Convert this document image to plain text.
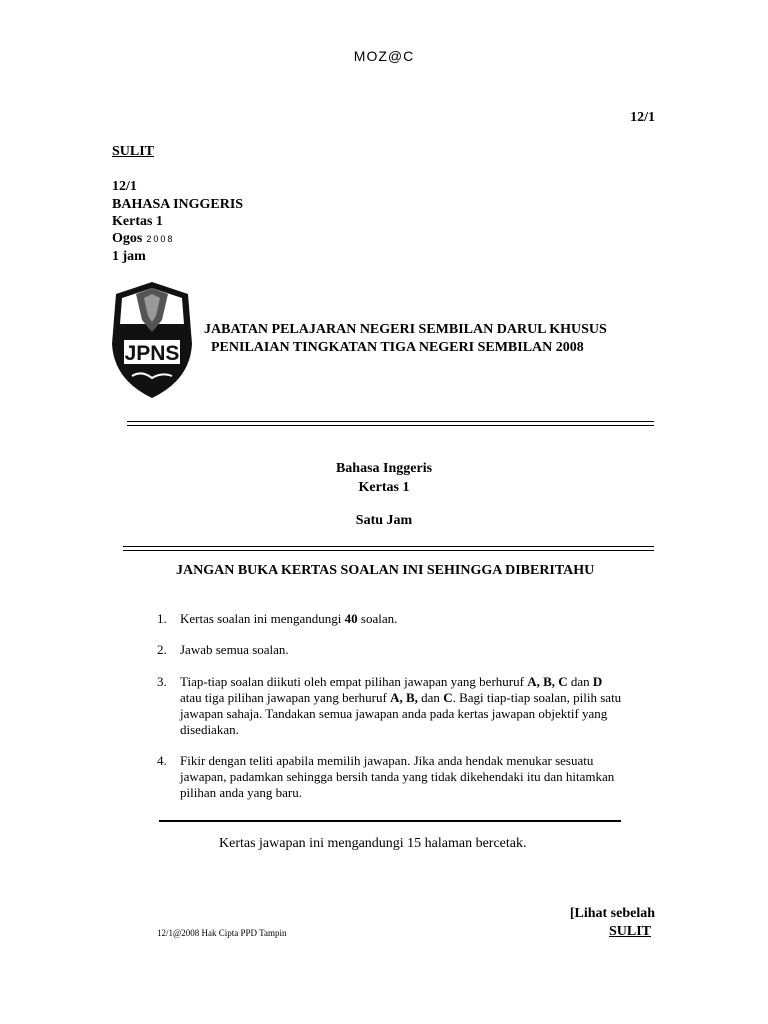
MOZ@C
12/1
SULIT
12/1
BAHASA INGGERIS
Kertas 1
Ogos 2008
1 jam
JPNS
JABATAN PELAJARAN NEGERI SEMBILAN DARUL KHUSUS
PENILAIAN TINGKATAN TIGA NEGERI SEMBILAN 2008
Bahasa Inggeris
Kertas 1
Satu Jam
JANGAN BUKA KERTAS SOALAN INI SEHINGGA DIBERITAHU
1. Kertas soalan ini mengandungi 40 soalan.
2. Jawab semua soalan.
3. Tiap-tiap soalan diikuti oleh empat pilihan jawapan yang berhuruf A, B, C dan D
atau tiga pilihan jawapan yang berhuruf A, B, dan C. Bagi tiap-tiap soalan, pilih satu
jawapan sahaja. Tandakan semua jawapan anda pada kertas jawapan objektif yang
disediakan.
4. Fikir dengan teliti apabila memilih jawapan. Jika anda hendak menukar sesuatu
jawapan, padamkan sehingga bersih tanda yang tidak dikehendaki itu dan hitamkan
pilihan anda yang baru.
Kertas jawapan ini mengandungi 15 halaman bercetak.
[Lihat sebelah
12/1@2008 Hak Cipta PPD Tampin	SULIT
